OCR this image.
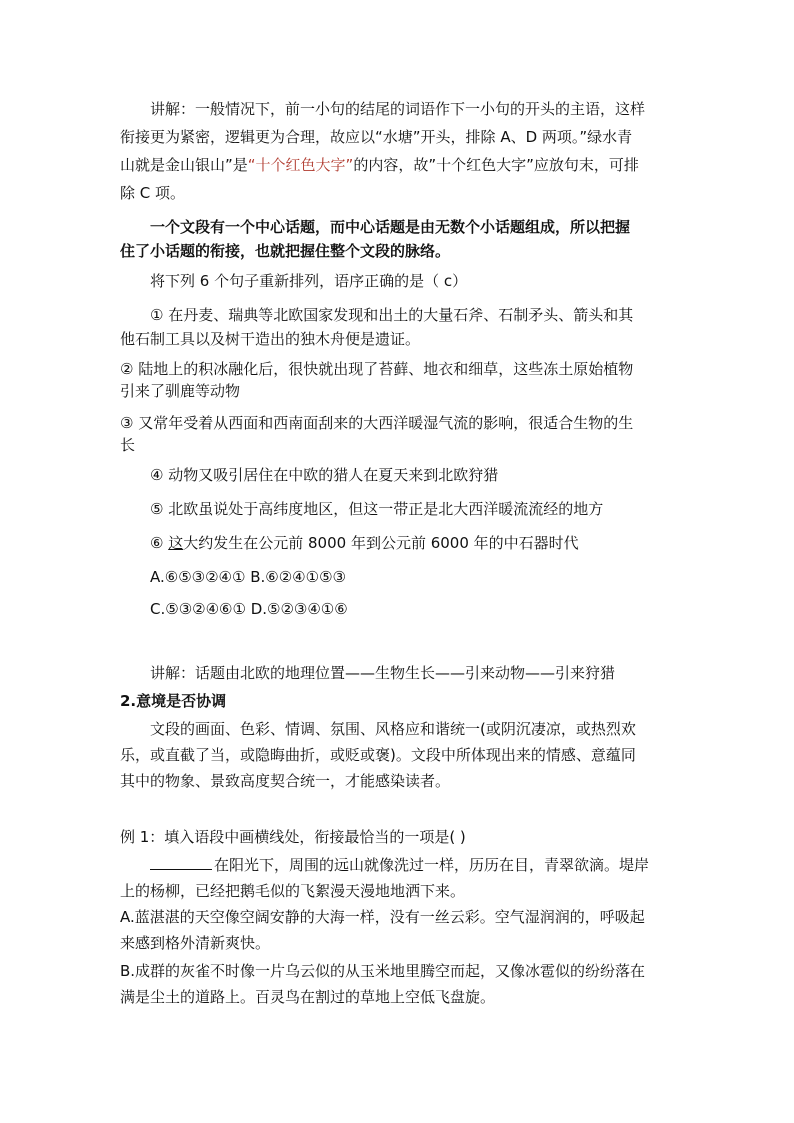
讲解：一般情况下，前一小句的结尾的词语作下一小句的开头的主语，这样

衔接更为紧密，逻辑更为合理，故应以“水塘”开头，排除 A、D 两项。”绿水青

山就是金山银山”是“十个红色大字”的内容，故”十个红色大字”应放句末，可排

除 C 项。

一个文段有一个中心话题，而中心话题是由无数个小话题组成，所以把握

住了小话题的衔接，也就把握住整个文段的脉络。

将下列 6 个句子重新排列，语序正确的是（ c）

① 在丹麦、瑞典等北欧国家发现和出土的大量石斧、石制矛头、箭头和其

他石制工具以及树干造出的独木舟便是遗证。

② 陆地上的积冰融化后，很快就出现了苔藓、地衣和细草，这些冻土原始植物

引来了驯鹿等动物

③ 又常年受着从西面和西南面刮来的大西洋暖湿气流的影响，很适合生物的生

长

④ 动物又吸引居住在中欧的猎人在夏天来到北欧狩猎

⑤ 北欧虽说处于高纬度地区，但这一带正是北大西洋暖流流经的地方

⑥ 这大约发生在公元前 8000 年到公元前 6000 年的中石器时代

A.⑥⑤③②④① B.⑥②④①⑤③

C.⑤③②④⑥① D.⑤②③④①⑥

讲解：话题由北欧的地理位置——生物生长——引来动物——引来狩猎

2.意境是否协调

文段的画面、色彩、情调、氛围、风格应和谐统一(或阴沉凄凉，或热烈欢

乐，或直截了当，或隐晦曲折，或贬或褒)。文段中所体现出来的情感、意蕴同

其中的物象、景致高度契合统一，才能感染读者。

例 1：填入语段中画横线处，衔接最恰当的一项是( )

在阳光下，周围的远山就像洗过一样，历历在目，青翠欲滴。堤岸

上的杨柳，已经把鹅毛似的飞絮漫天漫地地洒下来。

A.蓝湛湛的天空像空阔安静的大海一样，没有一丝云彩。空气湿润润的，呼吸起

来感到格外清新爽快。

B.成群的灰雀不时像一片乌云似的从玉米地里腾空而起，又像冰雹似的纷纷落在

满是尘土的道路上。百灵鸟在割过的草地上空低飞盘旋。
